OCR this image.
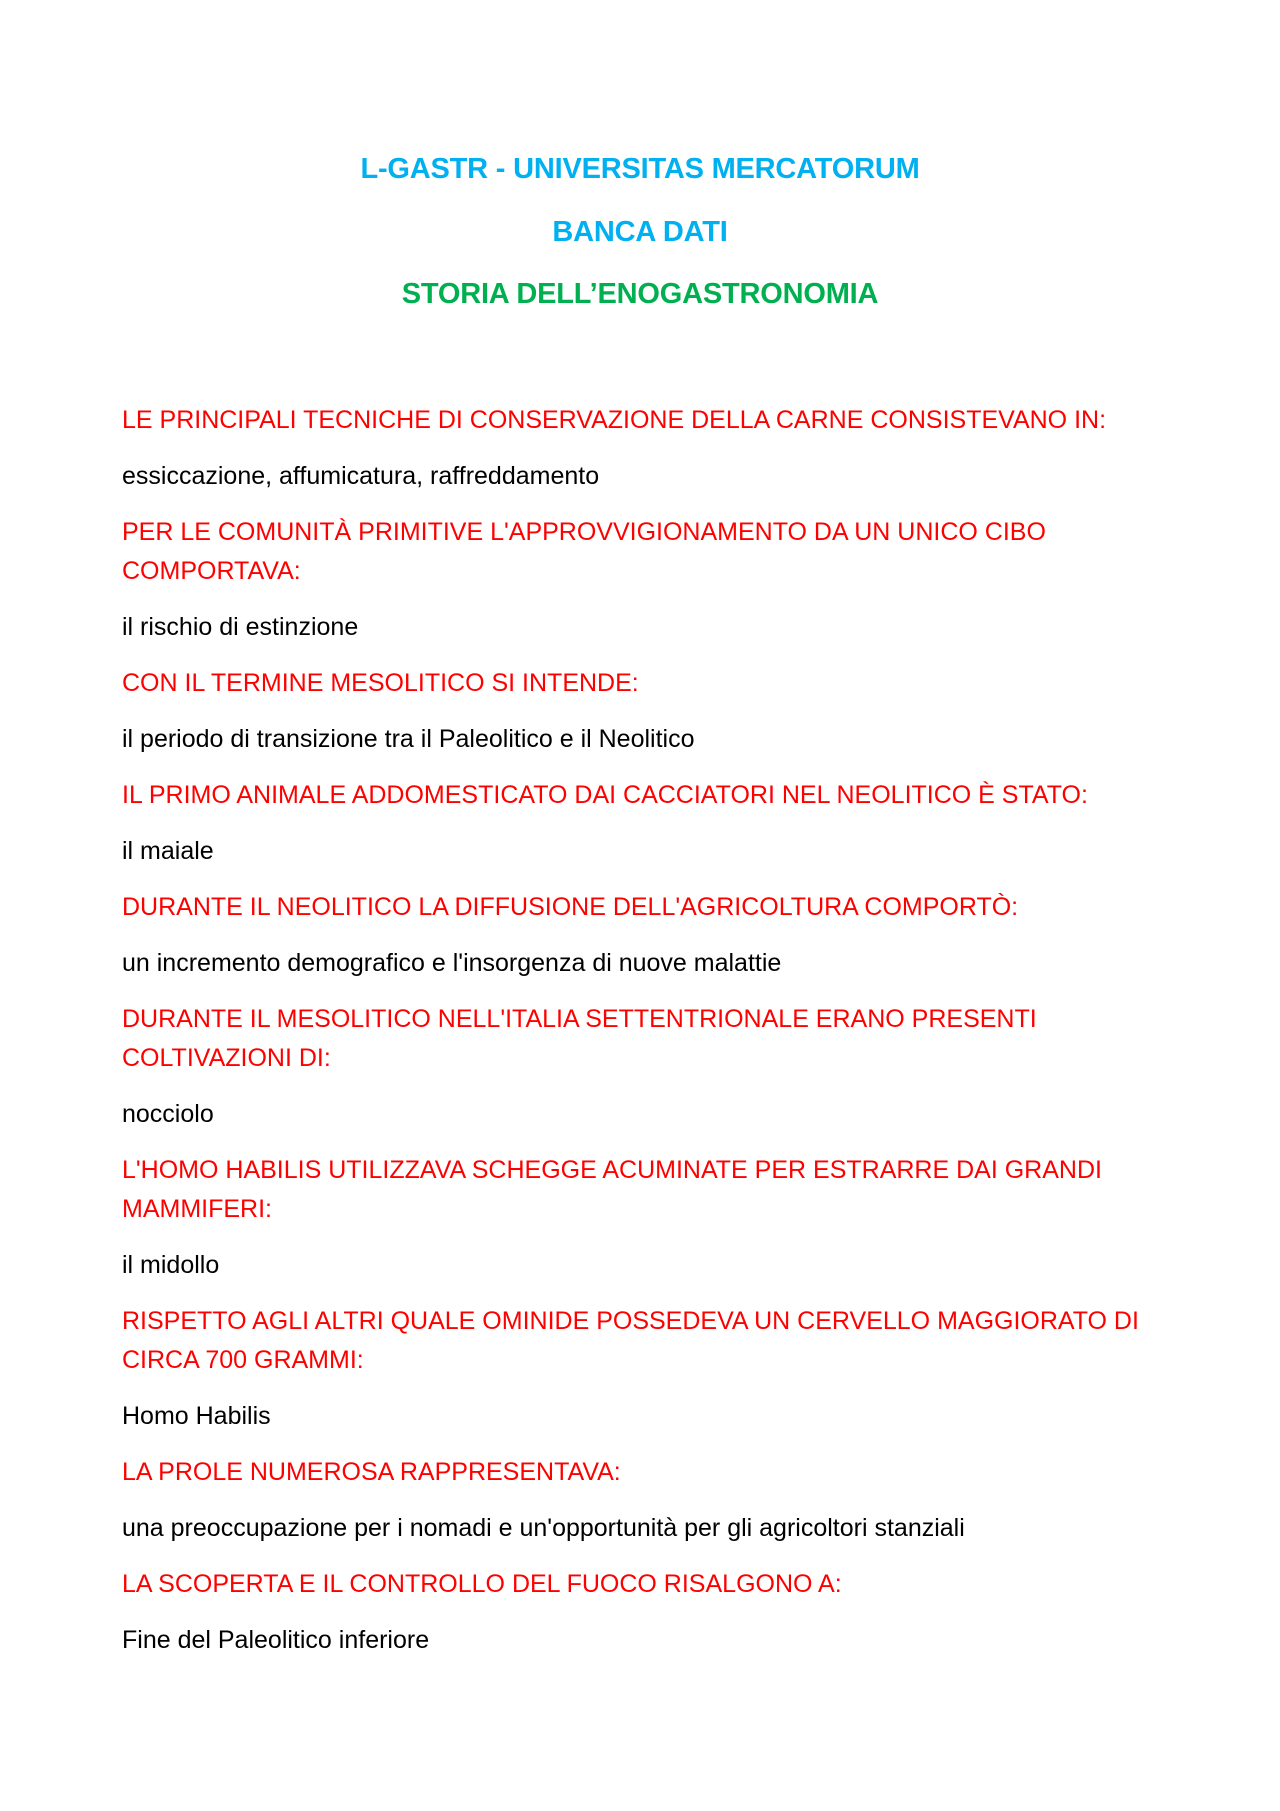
L-GASTR - UNIVERSITAS MERCATORUM
BANCA DATI
STORIA DELL’ENOGASTRONOMIA

LE PRINCIPALI TECNICHE DI CONSERVAZIONE DELLA CARNE CONSISTEVANO IN:

essiccazione, affumicatura, raffreddamento

PER LE COMUNITÀ PRIMITIVE L'APPROVVIGIONAMENTO DA UN UNICO CIBO COMPORTAVA:

il rischio di estinzione

CON IL TERMINE MESOLITICO SI INTENDE:

il periodo di transizione tra il Paleolitico e il Neolitico

IL PRIMO ANIMALE ADDOMESTICATO DAI CACCIATORI NEL NEOLITICO È STATO:

il maiale

DURANTE IL NEOLITICO LA DIFFUSIONE DELL'AGRICOLTURA COMPORTÒ:

un incremento demografico e l'insorgenza di nuove malattie

DURANTE IL MESOLITICO NELL'ITALIA SETTENTRIONALE ERANO PRESENTI COLTIVAZIONI DI:

nocciolo

L'HOMO HABILIS UTILIZZAVA SCHEGGE ACUMINATE PER ESTRARRE DAI GRANDI MAMMIFERI:

il midollo

RISPETTO AGLI ALTRI QUALE OMINIDE POSSEDEVA UN CERVELLO MAGGIORATO DI CIRCA 700 GRAMMI:

Homo Habilis

LA PROLE NUMEROSA RAPPRESENTAVA:

una preoccupazione per i nomadi e un'opportunità per gli agricoltori stanziali

LA SCOPERTA E IL CONTROLLO DEL FUOCO RISALGONO A:

Fine del Paleolitico inferiore
